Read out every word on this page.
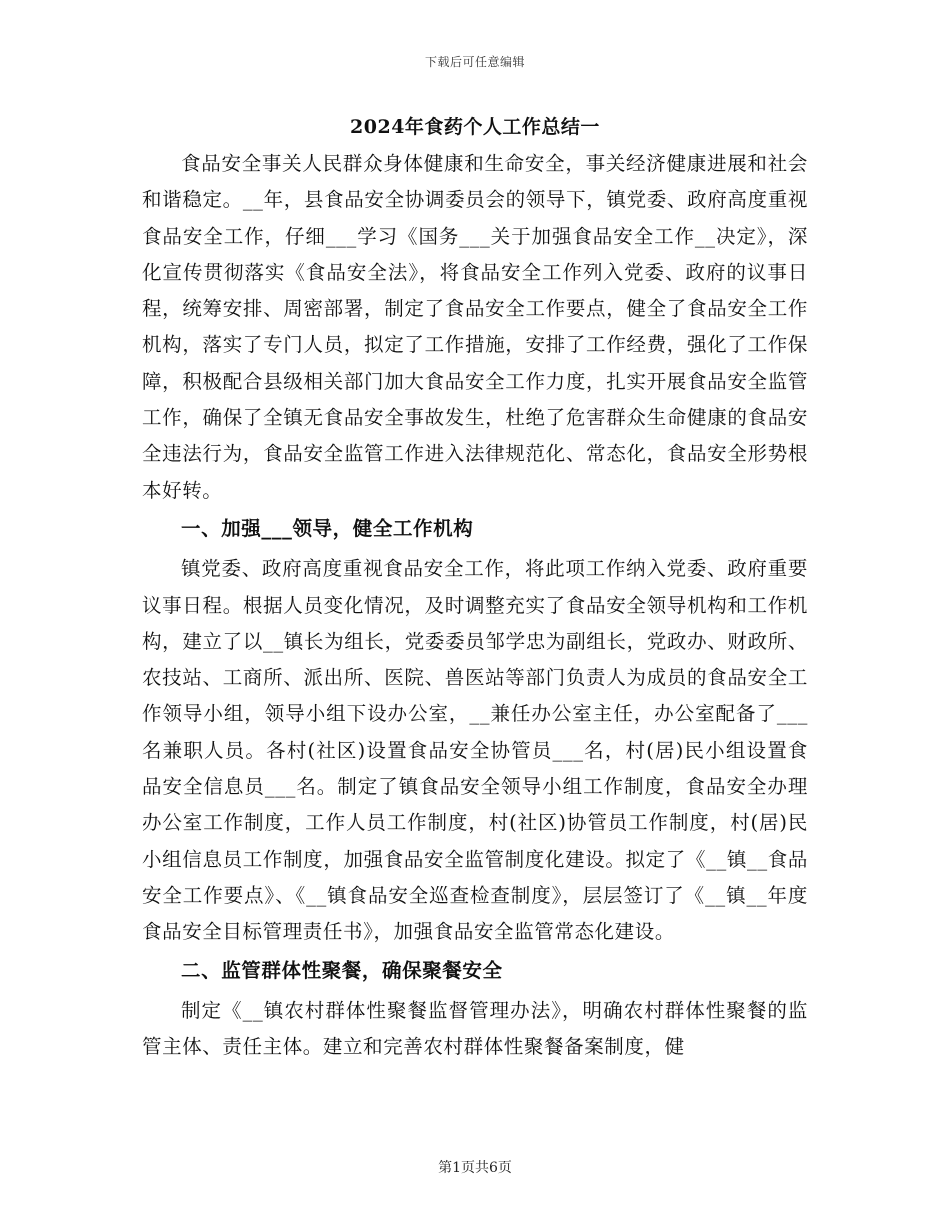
下载后可任意编辑
2024年食药个人工作总结一

食品安全事关人民群众身体健康和生命安全，事关经济健康进展和社会和谐稳定。__年，县食品安全协调委员会的领导下，镇党委、政府高度重视食品安全工作，仔细___学习《国务___关于加强食品安全工作__决定》，深化宣传贯彻落实《食品安全法》，将食品安全工作列入党委、政府的议事日程，统筹安排、周密部署，制定了食品安全工作要点，健全了食品安全工作机构，落实了专门人员，拟定了工作措施，安排了工作经费，强化了工作保障，积极配合县级相关部门加大食品安全工作力度，扎实开展食品安全监管工作，确保了全镇无食品安全事故发生，杜绝了危害群众生命健康的食品安全违法行为，食品安全监管工作进入法律规范化、常态化，食品安全形势根本好转。

一、加强___领导，健全工作机构

镇党委、政府高度重视食品安全工作，将此项工作纳入党委、政府重要议事日程。根据人员变化情况，及时调整充实了食品安全领导机构和工作机构，建立了以__镇长为组长，党委委员邹学忠为副组长，党政办、财政所、农技站、工商所、派出所、医院、兽医站等部门负责人为成员的食品安全工作领导小组，领导小组下设办公室，__兼任办公室主任，办公室配备了___名兼职人员。各村(社区)设置食品安全协管员___名，村(居)民小组设置食品安全信息员___名。制定了镇食品安全领导小组工作制度，食品安全办理办公室工作制度，工作人员工作制度，村(社区)协管员工作制度，村(居)民小组信息员工作制度，加强食品安全监管制度化建设。拟定了《__镇__食品安全工作要点》、《__镇食品安全巡查检查制度》，层层签订了《__镇__年度食品安全目标管理责任书》，加强食品安全监管常态化建设。

二、监管群体性聚餐，确保聚餐安全

制定《__镇农村群体性聚餐监督管理办法》，明确农村群体性聚餐的监管主体、责任主体。建立和完善农村群体性聚餐备案制度，健

第1页共6页
